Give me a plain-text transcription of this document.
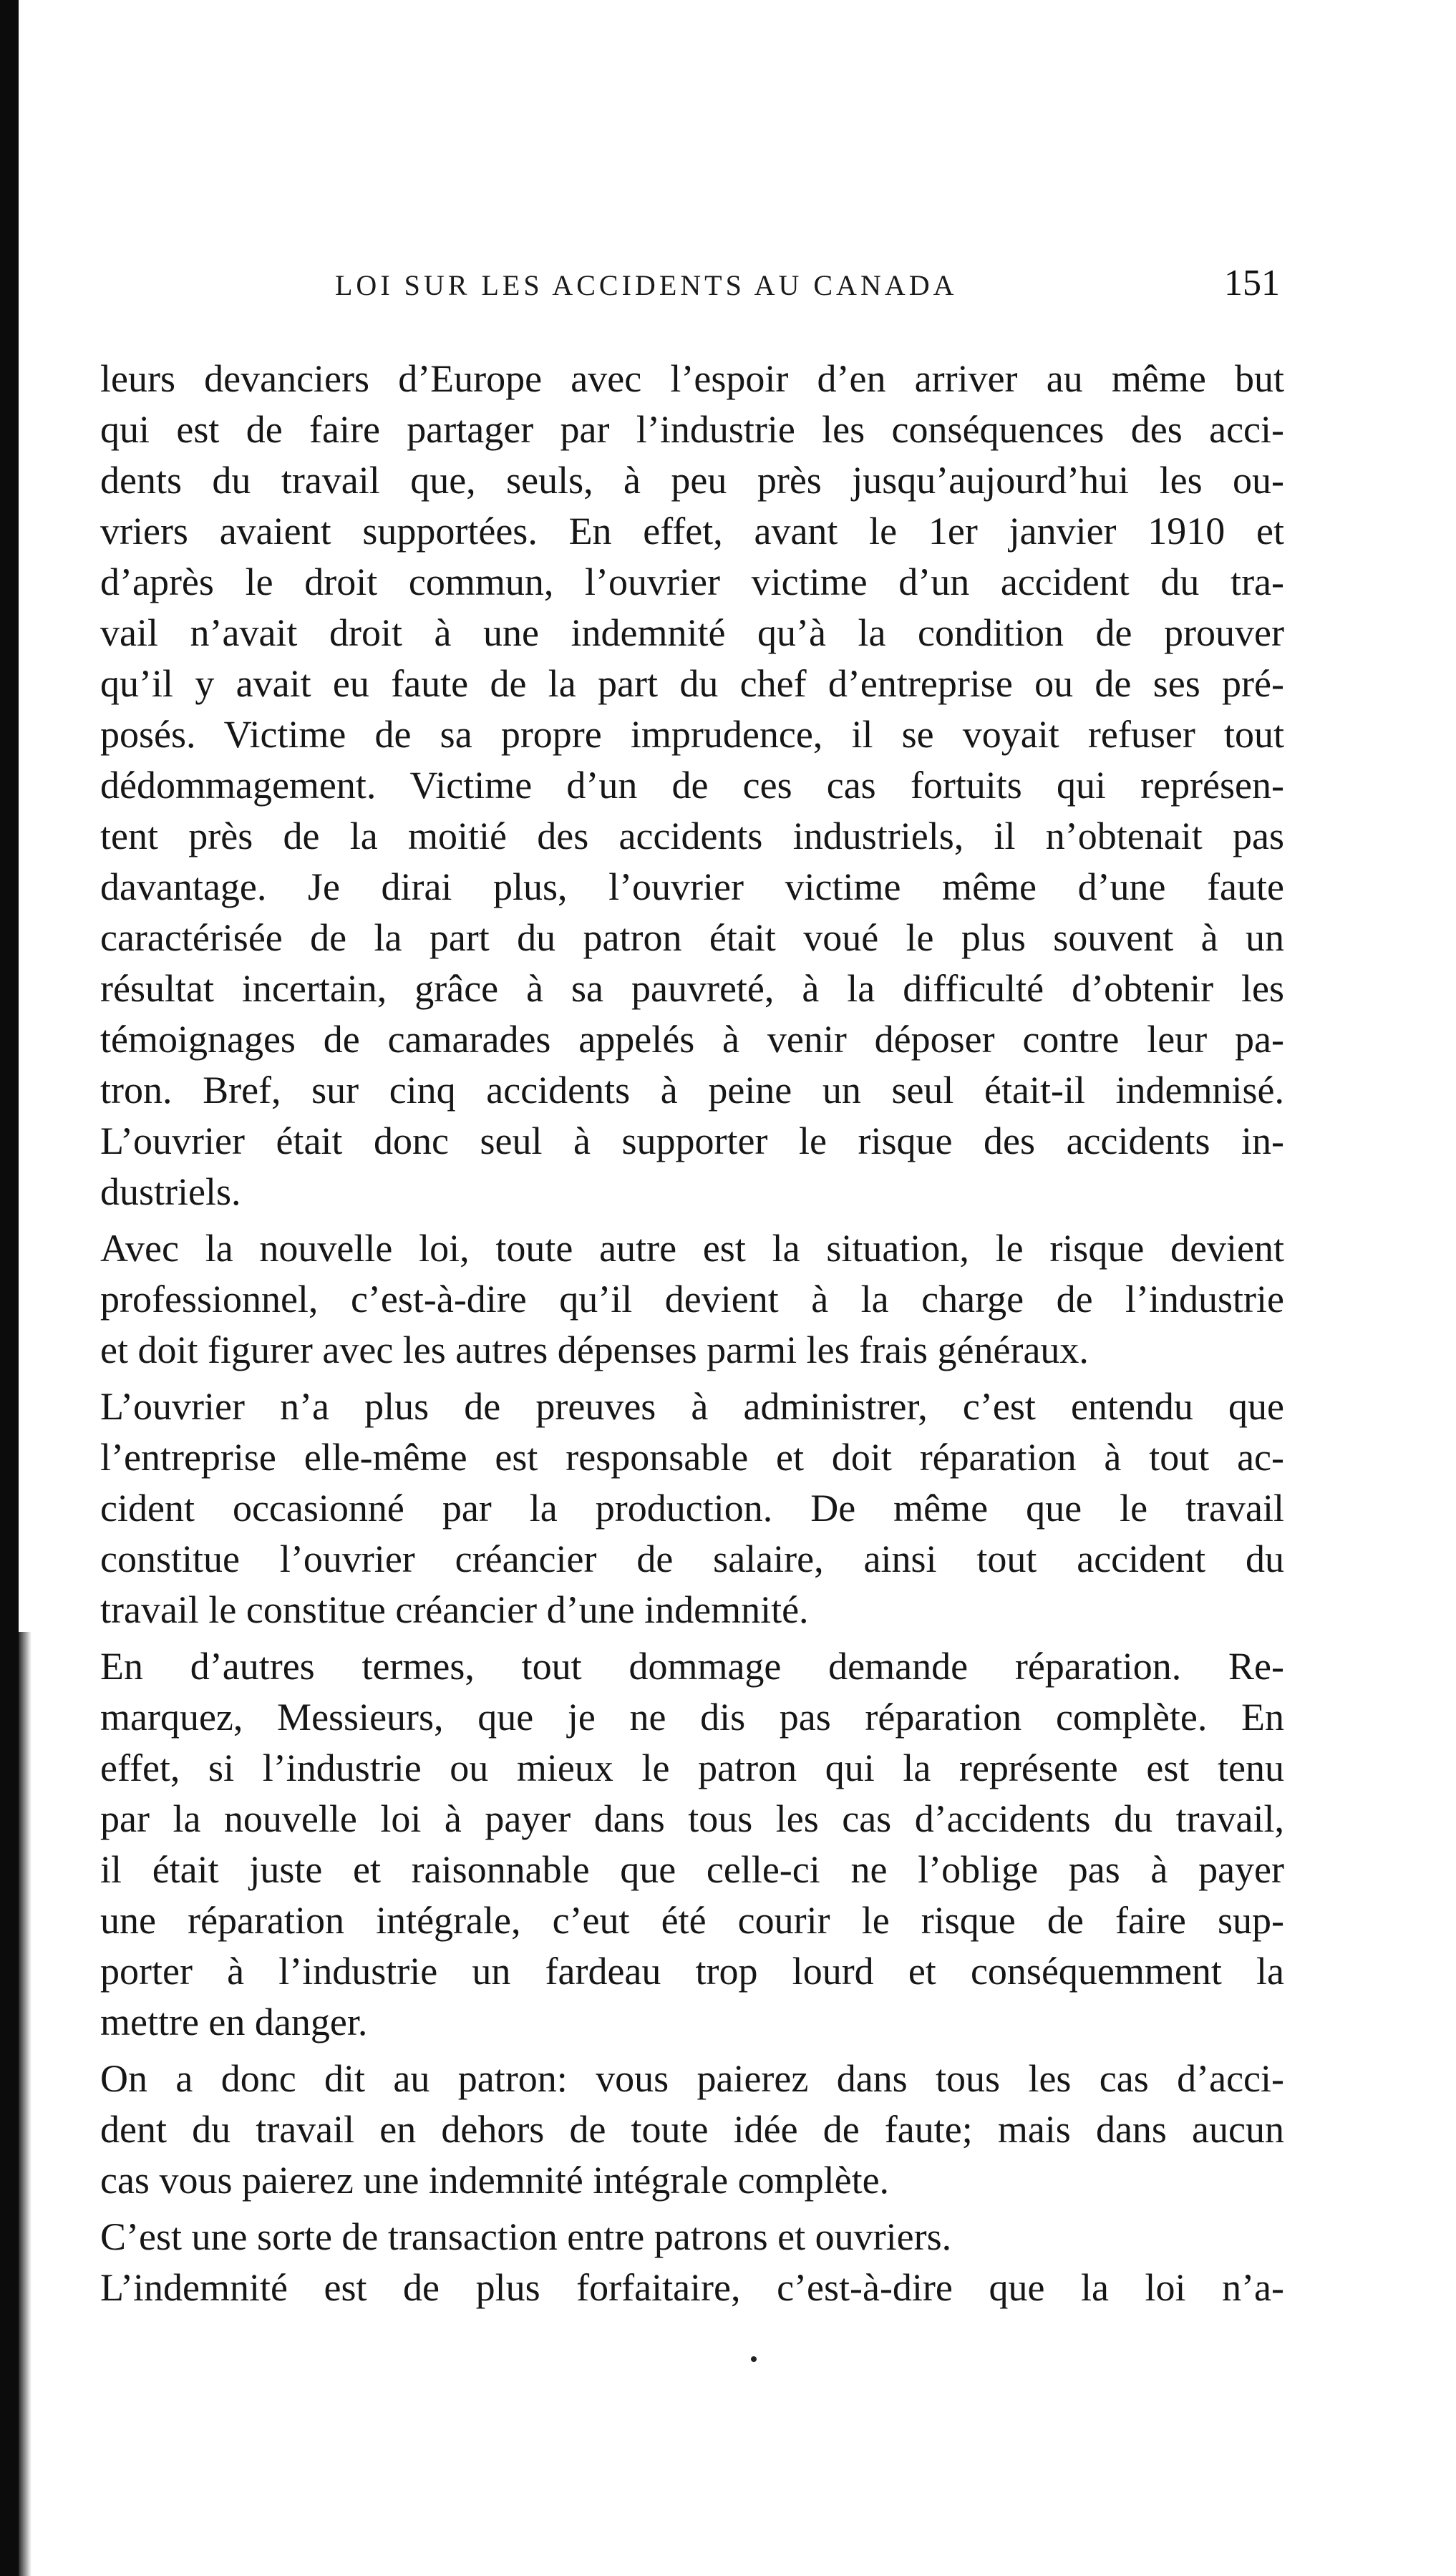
LOI SUR LES ACCIDENTS AU CANADA	151
leurs devanciers d’Europe avec l’espoir d’en arriver au même but
qui est de faire partager par l’industrie les conséquences des acci-
dents du travail que, seuls, à peu près jusqu’aujourd’hui les ou-
vriers avaient supportées. En effet, avant le 1er janvier 1910 et
d’après le droit commun, l’ouvrier victime d’un accident du tra-
vail n’avait droit à une indemnité qu’à la condition de prouver
qu’il y avait eu faute de la part du chef d’entreprise ou de ses pré-
posés. Victime de sa propre imprudence, il se voyait refuser tout
dédommagement. Victime d’un de ces cas fortuits qui représen-
tent près de la moitié des accidents industriels, il n’obtenait pas
davantage. Je dirai plus, l’ouvrier victime même d’une faute
caractérisée de la part du patron était voué le plus souvent à un
résultat incertain, grâce à sa pauvreté, à la difficulté d’obtenir les
témoignages de camarades appelés à venir déposer contre leur pa-
tron. Bref, sur cinq accidents à peine un seul était-il indemnisé.
L’ouvrier était donc seul à supporter le risque des accidents in-
dustriels.
Avec la nouvelle loi, toute autre est la situation, le risque devient
professionnel, c’est-à-dire qu’il devient à la charge de l’industrie
et doit figurer avec les autres dépenses parmi les frais généraux.
L’ouvrier n’a plus de preuves à administrer, c’est entendu que
l’entreprise elle-même est responsable et doit réparation à tout ac-
cident occasionné par la production. De même que le travail
constitue l’ouvrier créancier de salaire, ainsi tout accident du
travail le constitue créancier d’une indemnité.
En d’autres termes, tout dommage demande réparation. Re-
marquez, Messieurs, que je ne dis pas réparation complète. En
effet, si l’industrie ou mieux le patron qui la représente est tenu
par la nouvelle loi à payer dans tous les cas d’accidents du travail,
il était juste et raisonnable que celle-ci ne l’oblige pas à payer
une réparation intégrale, c’eut été courir le risque de faire sup-
porter à l’industrie un fardeau trop lourd et conséquemment la
mettre en danger.
On a donc dit au patron: vous paierez dans tous les cas d’acci-
dent du travail en dehors de toute idée de faute; mais dans aucun
cas vous paierez une indemnité intégrale complète.
C’est une sorte de transaction entre patrons et ouvriers.
L’indemnité est de plus forfaitaire, c’est-à-dire que la loi n’a-
